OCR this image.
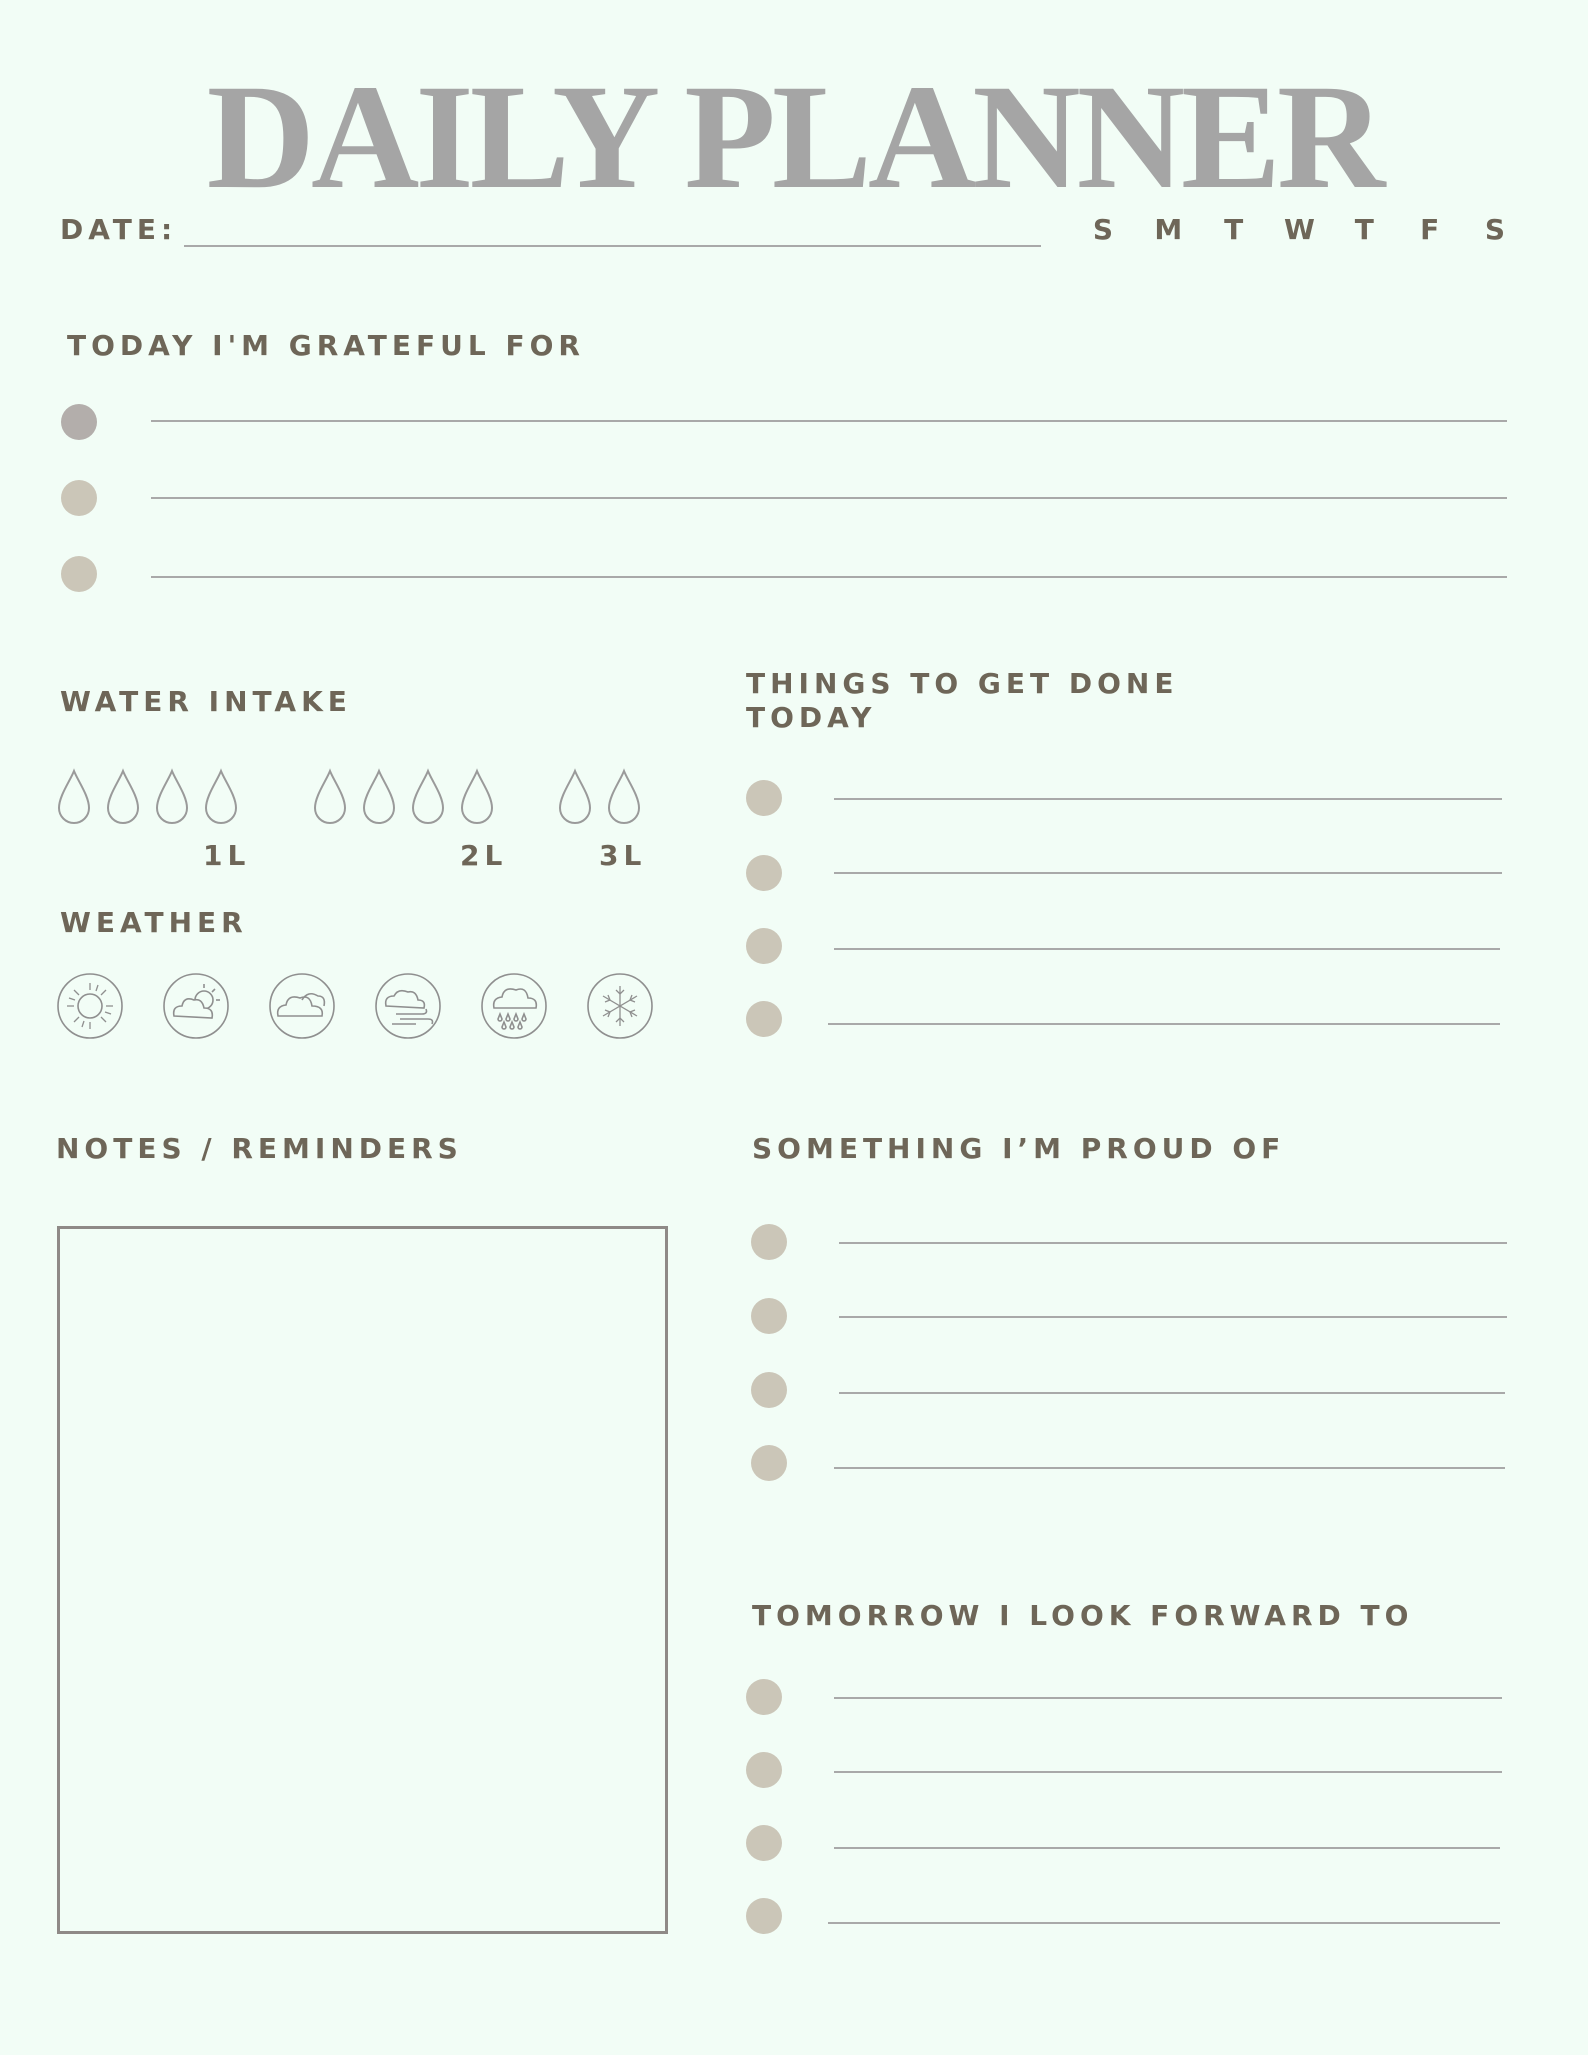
DAILY PLANNER
DATE:	S M T W T F S
TODAY I'M GRATEFUL FOR
WATER INTAKE
1L	2L	3L
WEATHER
THINGS TO GET DONE
TODAY
NOTES / REMINDERS	SOMETHING I’M PROUD OF
TOMORROW I LOOK FORWARD TO
